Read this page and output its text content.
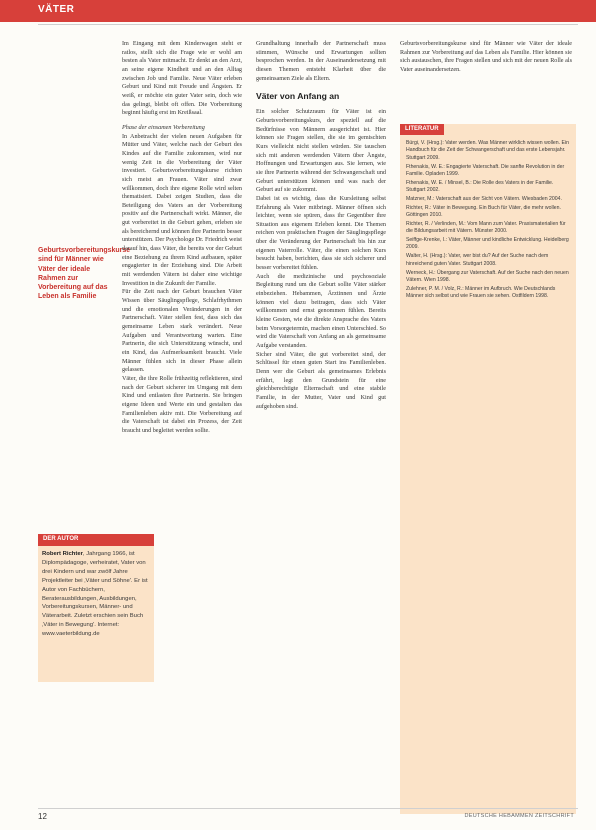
VÄTER
Geburtsvorbereitungskurse sind für Männer wie Väter der ideale Rahmen zur Vorbereitung auf das Leben als Familie
DER AUTOR
Robert Richter, Jahrgang 1966, ist Diplompädagoge, verheiratet, Vater von drei Kindern und war zwölf Jahre Projektleiter bei ‚Väter und Söhne'. Er ist Autor von Fachbüchern, Beraterausbildungen, Ausbildungen, Vorbereitungskursen, Männer- und Väterarbeit. Zuletzt erschien sein Buch ‚Väter in Bewegung'. Internet: www.vaeterbildung.de

Im Eingang mit dem Kinderwagen steht er ratlos, stellt sich die Frage wie er wohl am besten als Vater mitmacht. Er denkt an den Arzt, an seine eigene Kindheit und an den Alltag zwischen Job und Familie. Neue Väter erleben Geburt und Kind mit Freude und Ängsten. Er weiß, er möchte ein guter Vater sein, doch wie das gelingt, bleibt oft offen. Die Vorbereitung beginnt häufig erst im Kreißsaal.

Phase der einsamen Vorbereitung

In Anbetracht der vielen neuen Aufgaben für Mütter und Väter, welche nach der Geburt des Kindes auf die Familie zukommen, wird nur wenig Zeit in die Vorbereitung der Väter investiert. Geburtsvorbereitungskurse richten sich meist an Frauen. Väter sind zwar willkommen, doch ihre eigene Rolle wird selten thematisiert. Dabei zeigen Studien, dass die Beteiligung des Vaters an der Vorbereitung positiv auf die Partnerschaft wirkt. Männer, die gut vorbereitet in die Geburt gehen, erleben sie als bereichernd und können ihre Partnerin besser unterstützen. Der Psychologe Dr. Friedrich weist darauf hin, dass Väter, die bereits vor der Geburt eine Beziehung zu ihrem Kind aufbauen, später engagierter in der Erziehung sind. Die Arbeit mit werdenden Vätern ist daher eine wichtige Investition in die Zukunft der Familie.

Für die Zeit nach der Geburt brauchen Väter Wissen über Säuglingspflege, Schlafrhythmen und die emotionalen Veränderungen in der Partnerschaft. Väter stellen fest, dass sich das gemeinsame Leben stark verändert. Neue Aufgaben und Verantwortung warten. Eine Partnerin, die sich Unterstützung wünscht, und ein Kind, das Aufmerksamkeit braucht. Viele Männer fühlen sich in dieser Phase allein gelassen.

Väter, die ihre Rolle frühzeitig reflektieren, sind nach der Geburt sicherer im Umgang mit dem Kind und entlasten ihre Partnerin. Sie bringen eigene Ideen und Werte ein und gestalten das Familienleben aktiv mit. Die Vorbereitung auf die Vaterschaft ist dabei ein Prozess, der Zeit braucht und begleitet werden sollte.

Grundhaltung innerhalb der Partnerschaft muss stimmen, Wünsche und Erwartungen sollten besprochen werden. In der Auseinandersetzung mit diesen Themen entsteht Klarheit über die gemeinsamen Ziele als Eltern.

Väter von Anfang an

Ein solcher Schutzraum für Väter ist ein Geburtsvorbereitungskurs, der speziell auf die Bedürfnisse von Männern ausgerichtet ist. Hier können sie Fragen stellen, die sie im gemischten Kurs vielleicht nicht stellen würden. Sie tauschen sich mit anderen werdenden Vätern über Ängste, Hoffnungen und Erwartungen aus. Sie lernen, wie sie ihre Partnerin während der Schwangerschaft und Geburt unterstützen können und was nach der Geburt auf sie zukommt.

Dabei ist es wichtig, dass die Kursleitung selbst Erfahrung als Vater mitbringt. Männer öffnen sich leichter, wenn sie spüren, dass ihr Gegenüber ihre Situation aus eigenem Erleben kennt. Die Themen reichen von praktischen Fragen der Säuglingspflege über die Veränderung der Partnerschaft bis hin zur eigenen Vaterrolle. Väter, die einen solchen Kurs besucht haben, berichten, dass sie sich sicherer und besser vorbereitet fühlen.

Auch die medizinische und psychosoziale Begleitung rund um die Geburt sollte Väter stärker einbeziehen. Hebammen, Ärztinnen und Ärzte können viel dazu beitragen, dass sich Väter willkommen und ernst genommen fühlen. Bereits kleine Gesten, wie die direkte Ansprache des Vaters beim Vorsorgetermin, machen einen Unterschied. So wird die Vaterschaft von Anfang an als gemeinsame Aufgabe verstanden.

Sicher sind Väter, die gut vorbereitet sind, der Schlüssel für einen guten Start ins Familienleben. Denn wer die Geburt als gemeinsames Erlebnis erfährt, legt den Grundstein für eine gleichberechtigte Elternschaft und eine stabile Familie, in der Mutter, Vater und Kind gut aufgehoben sind.

Geburtsvorbereitungskurse sind für Männer wie Väter der ideale Rahmen zur Vorbereitung auf das Leben als Familie. Hier können sie sich austauschen, ihre Fragen stellen und sich mit der neuen Rolle als Vater auseinandersetzen.

LITERATUR
Bürgi, V. (Hrsg.): Vater werden. Was Männer wirklich wissen wollen. Ein Handbuch für die Zeit der Schwangerschaft und das erste Lebensjahr. Stuttgart 2009.
Fthenakis, W. E.: Engagierte Vaterschaft. Die sanfte Revolution in der Familie. Opladen 1999.
Fthenakis, W. E. / Minsel, B.: Die Rolle des Vaters in der Familie. Stuttgart 2002.
Matzner, M.: Vaterschaft aus der Sicht von Vätern. Wiesbaden 2004.
Richter, R.: Väter in Bewegung. Ein Buch für Väter, die mehr wollen. Göttingen 2010.
Richter, R. / Verlinden, M.: Vom Mann zum Vater. Praxismaterialien für die Bildungsarbeit mit Vätern. Münster 2000.
Seiffge-Krenke, I.: Väter, Männer und kindliche Entwicklung. Heidelberg 2009.
Walter, H. (Hrsg.): Vater, wer bist du? Auf der Suche nach dem hinreichend guten Vater. Stuttgart 2008.
Werneck, H.: Übergang zur Vaterschaft. Auf der Suche nach den neuen Vätern. Wien 1998.
Zulehner, P. M. / Volz, R.: Männer im Aufbruch. Wie Deutschlands Männer sich selbst und wie Frauen sie sehen. Ostfildern 1998.
12	DEUTSCHE HEBAMMEN ZEITSCHRIFT
